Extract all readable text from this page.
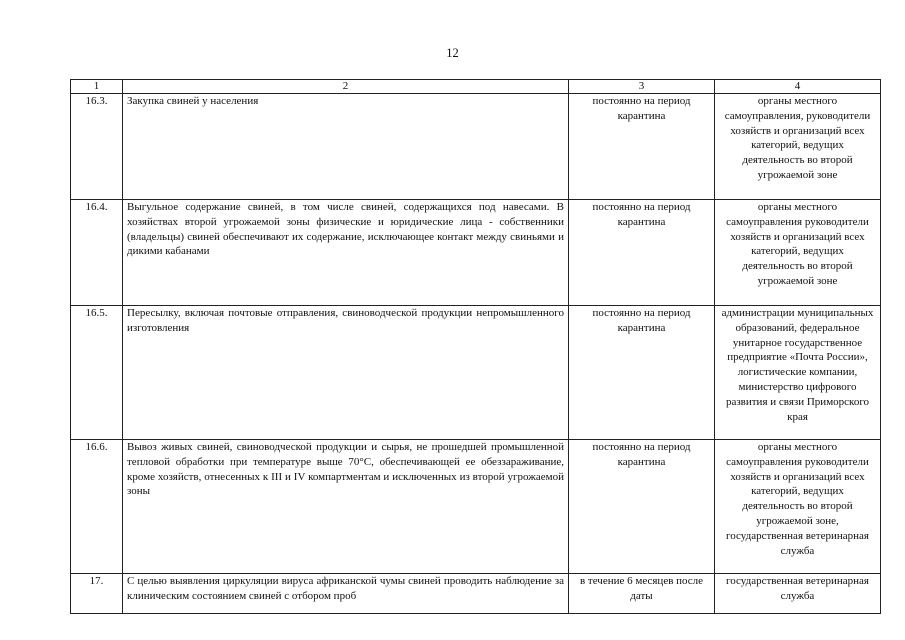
12
1	2	3	4
16.3.	Закупка свиней у населения	постоянно на период карантина	органы местного самоуправления, руководители хозяйств и организаций всех категорий, ведущих деятельность во второй угрожаемой зоне
16.4.	Выгульное содержание свиней, в том числе свиней, содержащихся под навесами. В хозяйствах второй угрожаемой зоны физические и юридические лица - собственники (владельцы) свиней обеспечивают их содержание, исключающее контакт между свиньями и дикими кабанами	постоянно на период карантина	органы местного самоуправления руководители хозяйств и организаций всех категорий, ведущих деятельность во второй угрожаемой зоне
16.5.	Пересылку, включая почтовые отправления, свиноводческой продукции непромышленного изготовления	постоянно на период карантина	администрации муниципальных образований, федеральное унитарное государственное предприятие «Почта России», логистические компании, министерство цифрового развития и связи Приморского края
16.6.	Вывоз живых свиней, свиноводческой продукции и сырья, не прошедшей промышленной тепловой обработки при температуре выше 70°С, обеспечивающей ее обеззараживание, кроме хозяйств, отнесенных к III и IV компартментам и исключенных из второй угрожаемой зоны	постоянно на период карантина	органы местного самоуправления руководители хозяйств и организаций всех категорий, ведущих деятельность во второй угрожаемой зоне, государственная ветеринарная служба
17.	С целью выявления циркуляции вируса африканской чумы свиней проводить наблюдение за клиническим состоянием свиней с отбором проб	в течение 6 месяцев после даты	государственная ветеринарная служба
